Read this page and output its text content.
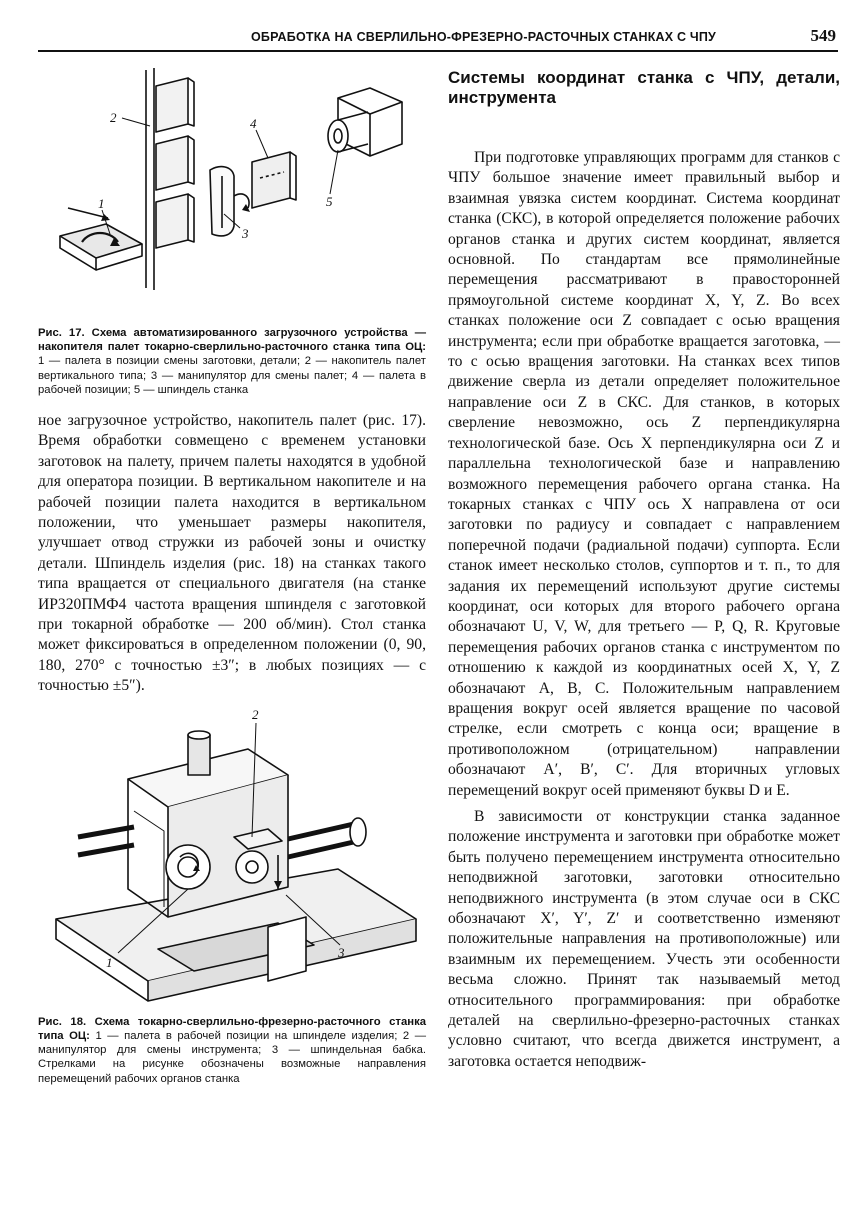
ОБРАБОТКА НА СВЕРЛИЛЬНО-ФРЕЗЕРНО-РАСТОЧНЫХ СТАНКАХ С ЧПУ	549
1
2
3
4
5

Рис. 17. Схема автоматизированного загрузочного устройства — накопителя палет токарно-сверлильно-расточного станка типа ОЦ: 1 — палета в позиции смены заготовки, детали; 2 — накопитель палет вертикального типа; 3 — манипулятор для смены палет; 4 — палета в рабочей позиции; 5 — шпиндель станка

ное загрузочное устройство, накопитель палет (рис. 17). Время обработки совмещено с временем установки заготовок на палету, причем палеты находятся в удобной для оператора позиции. В вертикальном накопителе и на рабочей позиции палета находится в вертикальном положении, что уменьшает размеры накопителя, улучшает отвод стружки из рабочей зоны и очистку детали. Шпиндель изделия (рис. 18) на станках такого типа вращается от специального двигателя (на станке ИР320ПМФ4 частота вращения шпинделя с заготовкой при токарной обработке — 200 об/мин). Стол станка может фиксироваться в определенном положении (0, 90, 180, 270° с точностью ±3″; в любых позициях — с точностью ±5″).

1
2
3

Рис. 18. Схема токарно-сверлильно-фрезерно-расточного станка типа ОЦ: 1 — палета в рабочей позиции на шпинделе изделия; 2 — манипулятор для смены инструмента; 3 — шпиндельная бабка. Стрелками на рисунке обозначены возможные направления перемещений рабочих органов станка

Системы координат станка с ЧПУ, детали, инструмента

При подготовке управляющих программ для станков с ЧПУ большое значение имеет правильный выбор и взаимная увязка систем координат. Система координат станка (СКС), в которой определяется положение рабочих органов станка и других систем координат, является основной. По стандартам все прямолинейные перемещения рассматривают в правосторонней прямоугольной системе координат X, Y, Z. Во всех станках положение оси Z совпадает с осью вращения инструмента; если при обработке вращается заготовка, — то с осью вращения заготовки. На станках всех типов движение сверла из детали определяет положительное направление оси Z в СКС. Для станков, в которых сверление невозможно, ось Z перпендикулярна технологической базе. Ось X перпендикулярна оси Z и параллельна технологической базе и направлению возможного перемещения рабочего органа станка. На токарных станках с ЧПУ ось X направлена от оси заготовки по радиусу и совпадает с направлением поперечной подачи (радиальной подачи) суппорта. Если станок имеет несколько столов, суппортов и т. п., то для задания их перемещений используют другие системы координат, оси которых для второго рабочего органа обозначают U, V, W, для третьего — P, Q, R. Круговые перемещения рабочих органов станка с инструментом по отношению к каждой из координатных осей X, Y, Z обозначают A, B, C. Положительным направлением вращения вокруг осей является вращение по часовой стрелке, если смотреть с конца оси; вращение в противоположном (отрицательном) направлении обозначают A′, B′, C′. Для вторичных угловых перемещений вокруг осей применяют буквы D и E.

В зависимости от конструкции станка заданное положение инструмента и заготовки при обработке может быть получено перемещением инструмента относительно неподвижной заготовки, заготовки относительно неподвижного инструмента (в этом случае оси в СКС обозначают X′, Y′, Z′ и соответственно изменяют положительные направления на противоположные) или взаимным их перемещением. Учесть эти особенности весьма сложно. Принят так называемый метод относительного программирования: при обработке деталей на сверлильно-фрезерно-расточных станках условно считают, что всегда движется инструмент, а заготовка остается неподвиж-
